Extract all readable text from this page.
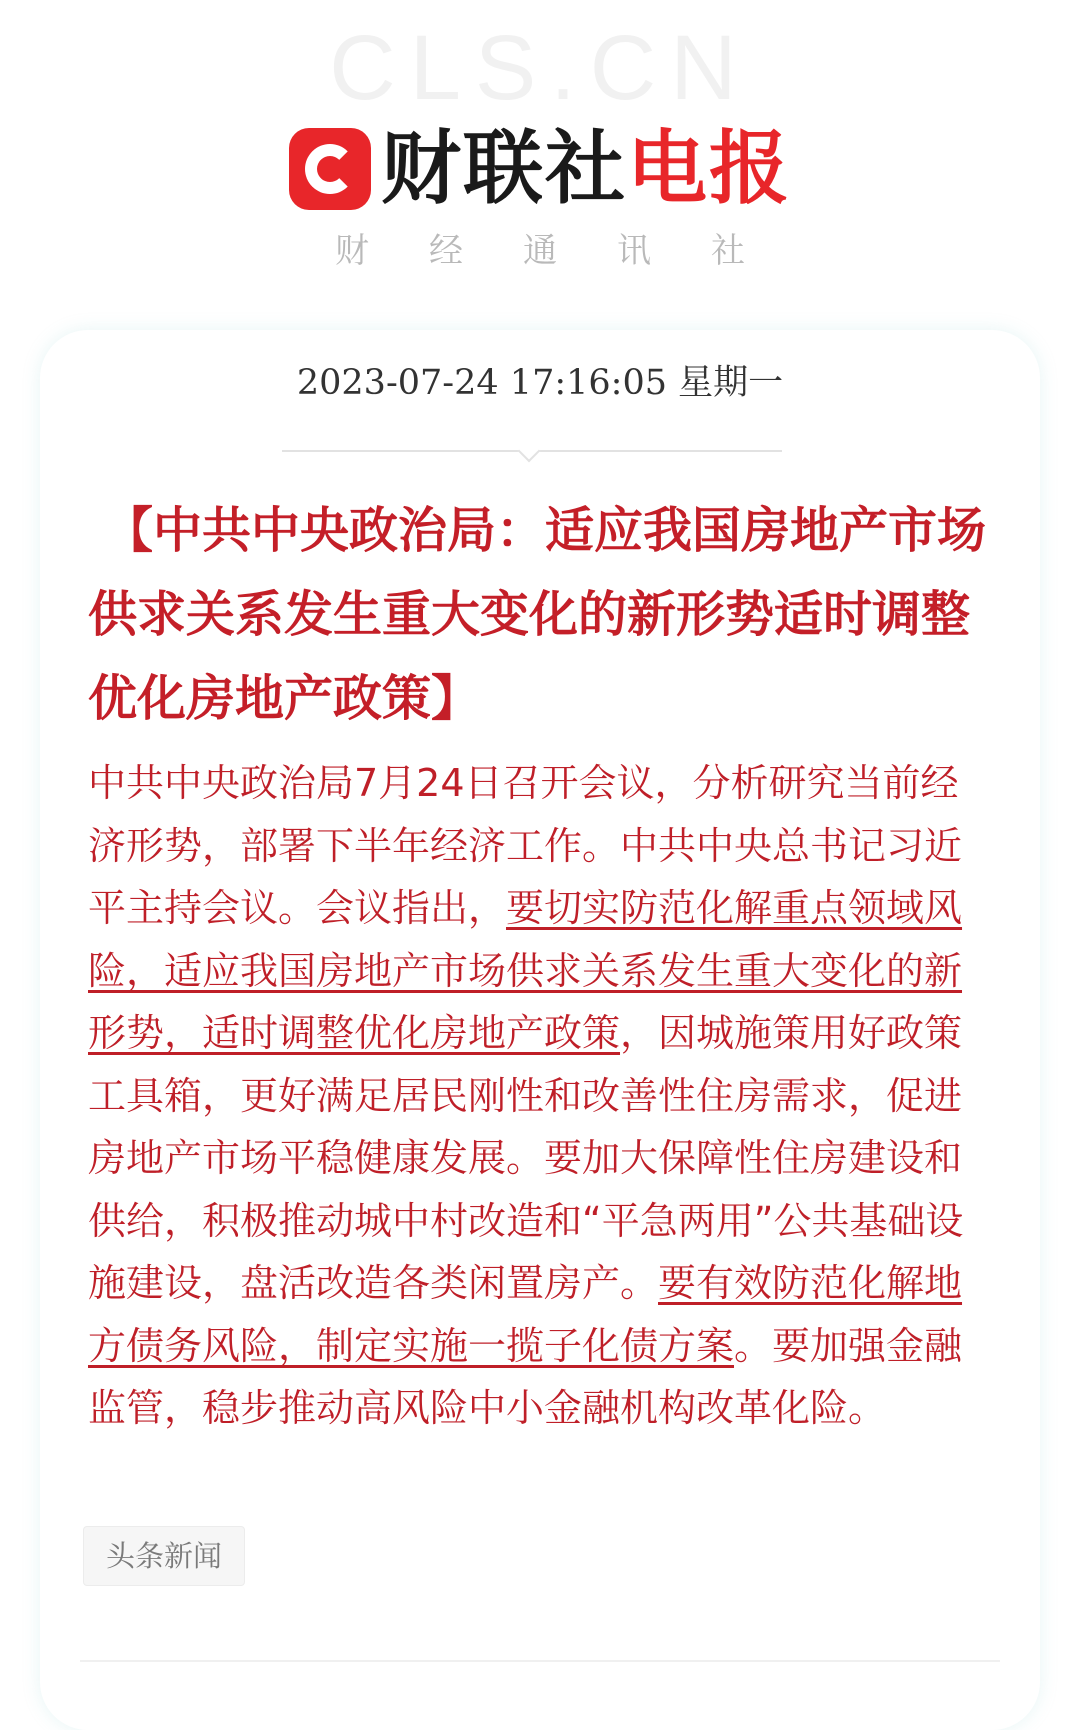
CLS.CN
财联社电报
财经通讯社
2023-07-24 17:16:05 星期一

【中共中央政治局：适应我国房地产市场供求关系发生重大变化的新形势适时调整优化房地产政策】

中共中央政治局7月24日召开会议，分析研究当前经济形势，部署下半年经济工作。中共中央总书记习近平主持会议。会议指出，要切实防范化解重点领域风险，适应我国房地产市场供求关系发生重大变化的新形势，适时调整优化房地产政策，因城施策用好政策工具箱，更好满足居民刚性和改善性住房需求，促进房地产市场平稳健康发展。要加大保障性住房建设和供给，积极推动城中村改造和“平急两用”公共基础设施建设，盘活改造各类闲置房产。要有效防范化解地方债务风险，制定实施一揽子化债方案。要加强金融监管，稳步推动高风险中小金融机构改革化险。

头条新闻
